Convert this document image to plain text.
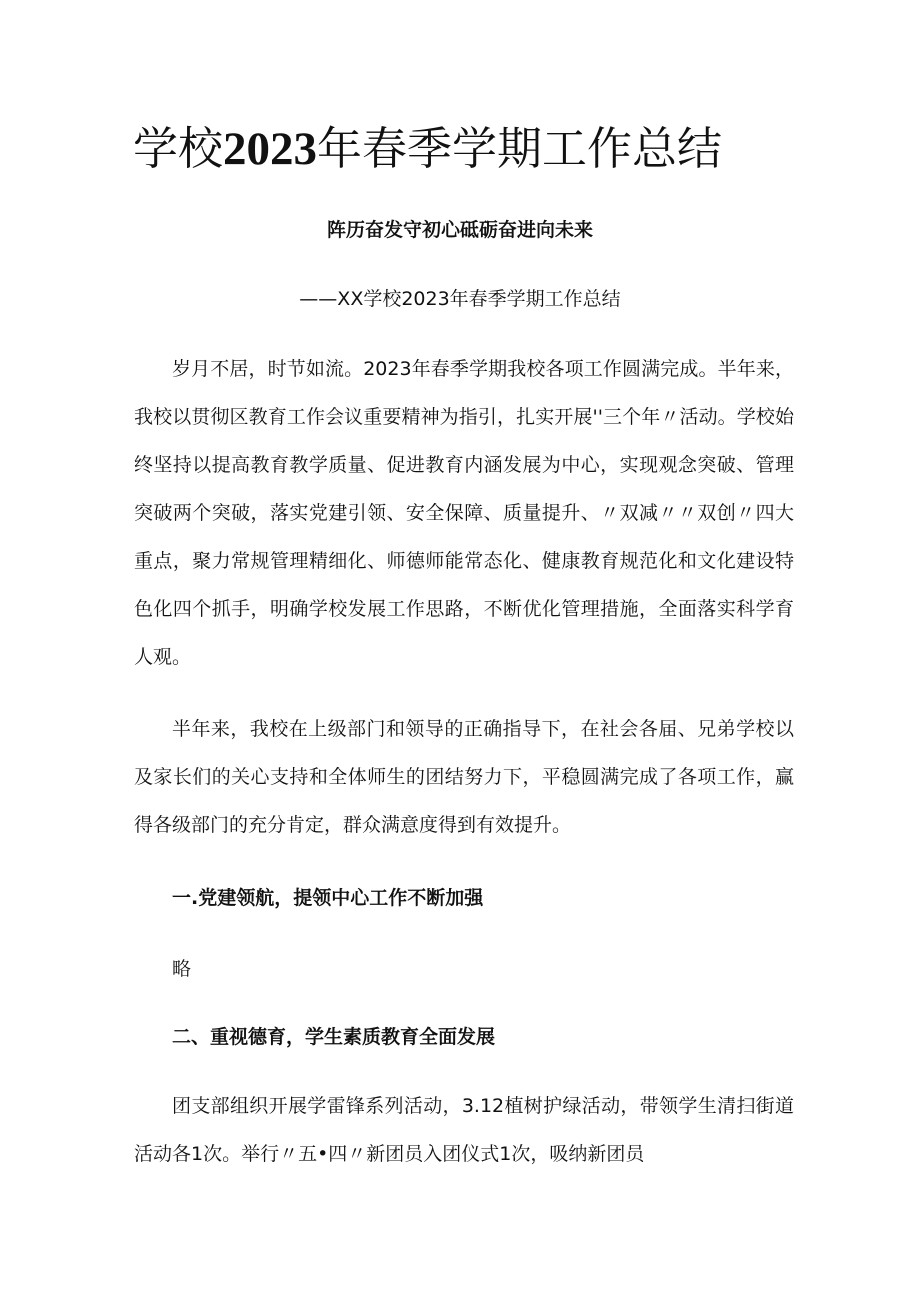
学校2023年春季学期工作总结
阵历奋发守初心砥砺奋进向未来
——XX学校2023年春季学期工作总结

岁月不居，时节如流。2023年春季学期我校各项工作圆满完成。半年来，我校以贯彻区教育工作会议重要精神为指引，扎实开展''三个年〃活动。学校始终坚持以提高教育教学质量、促进教育内涵发展为中心，实现观念突破、管理突破两个突破，落实党建引领、安全保障、质量提升、〃双减〃〃双创〃四大重点，聚力常规管理精细化、师德师能常态化、健康教育规范化和文化建设特色化四个抓手，明确学校发展工作思路，不断优化管理措施，全面落实科学育人观。

半年来，我校在上级部门和领导的正确指导下，在社会各届、兄弟学校以及家长们的关心支持和全体师生的团结努力下，平稳圆满完成了各项工作，赢得各级部门的充分肯定，群众满意度得到有效提升。

一.党建领航，提领中心工作不断加强
略
二、重视德育，学生素质教育全面发展

团支部组织开展学雷锋系列活动，3.12植树护绿活动，带领学生清扫街道活动各1次。举行〃五•四〃新团员入团仪式1次，吸纳新团员
